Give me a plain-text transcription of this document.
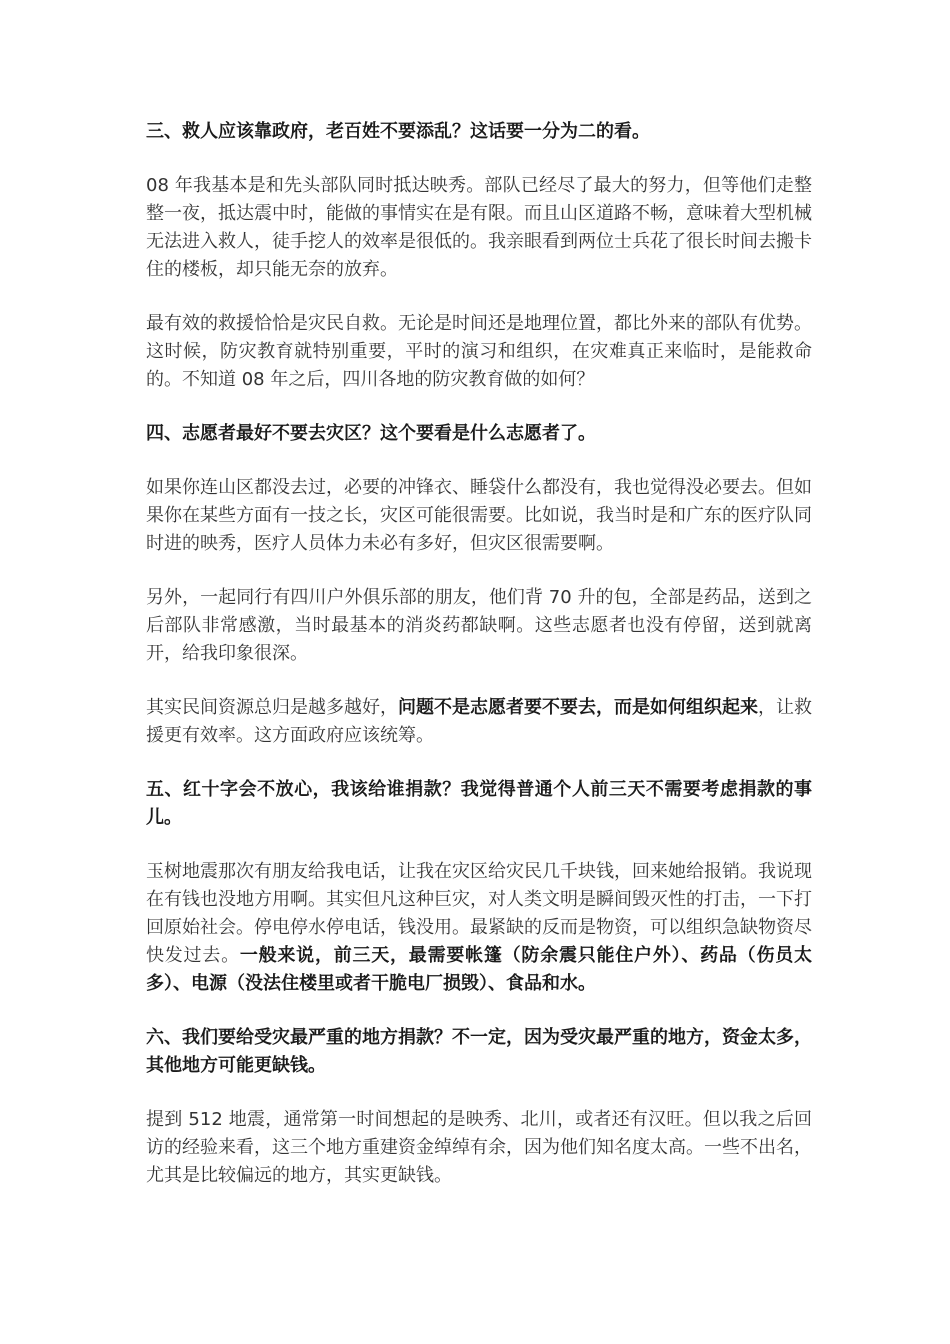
三、救人应该靠政府，老百姓不要添乱？这话要一分为二的看。

08 年我基本是和先头部队同时抵达映秀。部队已经尽了最大的努力，但等他们走整整一夜，抵达震中时，能做的事情实在是有限。而且山区道路不畅，意味着大型机械无法进入救人，徒手挖人的效率是很低的。我亲眼看到两位士兵花了很长时间去搬卡住的楼板，却只能无奈的放弃。

最有效的救援恰恰是灾民自救。无论是时间还是地理位置，都比外来的部队有优势。这时候，防灾教育就特别重要，平时的演习和组织，在灾难真正来临时，是能救命的。不知道 08 年之后，四川各地的防灾教育做的如何？

四、志愿者最好不要去灾区？这个要看是什么志愿者了。

如果你连山区都没去过，必要的冲锋衣、睡袋什么都没有，我也觉得没必要去。但如果你在某些方面有一技之长，灾区可能很需要。比如说，我当时是和广东的医疗队同时进的映秀，医疗人员体力未必有多好，但灾区很需要啊。

另外，一起同行有四川户外俱乐部的朋友，他们背 70 升的包，全部是药品，送到之后部队非常感激，当时最基本的消炎药都缺啊。这些志愿者也没有停留，送到就离开，给我印象很深。

其实民间资源总归是越多越好，问题不是志愿者要不要去，而是如何组织起来，让救援更有效率。这方面政府应该统筹。

五、红十字会不放心，我该给谁捐款？我觉得普通个人前三天不需要考虑捐款的事儿。

玉树地震那次有朋友给我电话，让我在灾区给灾民几千块钱，回来她给报销。我说现在有钱也没地方用啊。其实但凡这种巨灾，对人类文明是瞬间毁灭性的打击，一下打回原始社会。停电停水停电话，钱没用。最紧缺的反而是物资，可以组织急缺物资尽快发过去。一般来说，前三天，最需要帐篷（防余震只能住户外）、药品（伤员太多）、电源（没法住楼里或者干脆电厂损毁）、食品和水。

六、我们要给受灾最严重的地方捐款？不一定，因为受灾最严重的地方，资金太多，其他地方可能更缺钱。

提到 512 地震，通常第一时间想起的是映秀、北川，或者还有汉旺。但以我之后回访的经验来看，这三个地方重建资金绰绰有余，因为他们知名度太高。一些不出名，尤其是比较偏远的地方，其实更缺钱。
